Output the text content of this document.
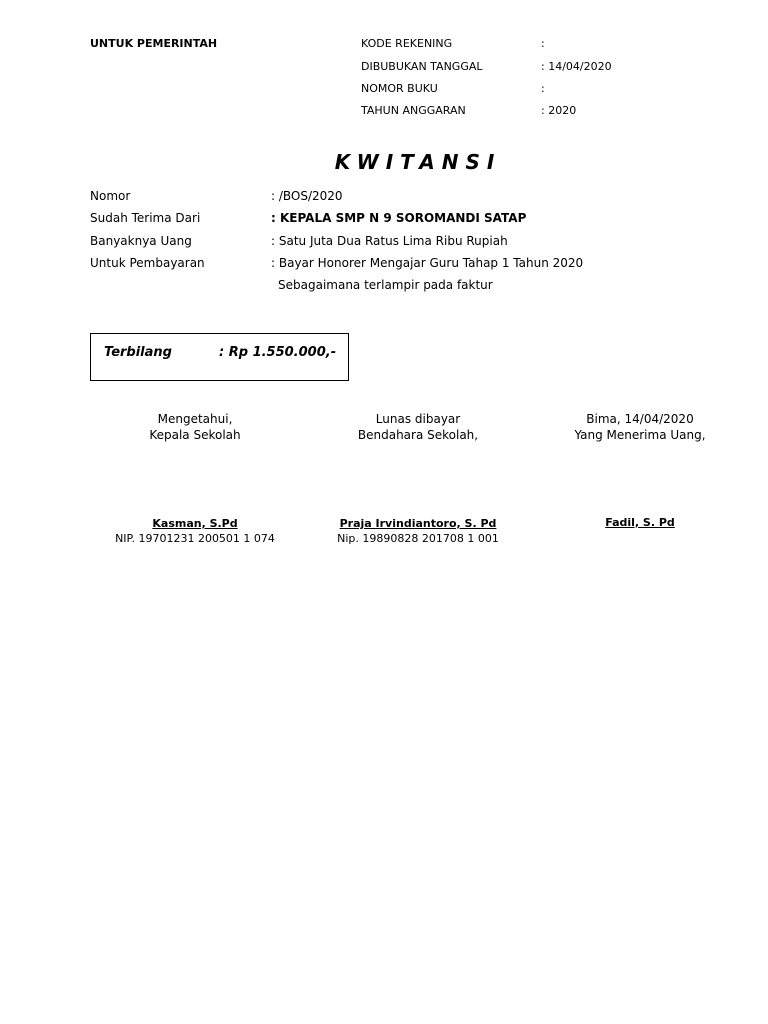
UNTUK PEMERINTAH	KODE REKENING	:
DIBUBUKAN TANGGAL	: 14/04/2020
NOMOR BUKU	:
TAHUN ANGGARAN	: 2020
KWITANSI
Nomor	: /BOS/2020
Sudah Terima Dari	: KEPALA SMP N 9 SOROMANDI SATAP
Banyaknya Uang	: Satu Juta Dua Ratus Lima Ribu Rupiah
Untuk Pembayaran	: Bayar Honorer Mengajar Guru Tahap 1 Tahun 2020
Sebagaimana terlampir pada faktur
Terbilang	: Rp 1.550.000,-
Mengetahui,
Kepala Sekolah
Kasman, S.Pd
NIP. 19701231 200501 1 074
Lunas dibayar
Bendahara Sekolah,
Praja Irvindiantoro, S. Pd
Nip. 19890828 201708 1 001
Bima, 14/04/2020
Yang Menerima Uang,
Fadil, S. Pd
